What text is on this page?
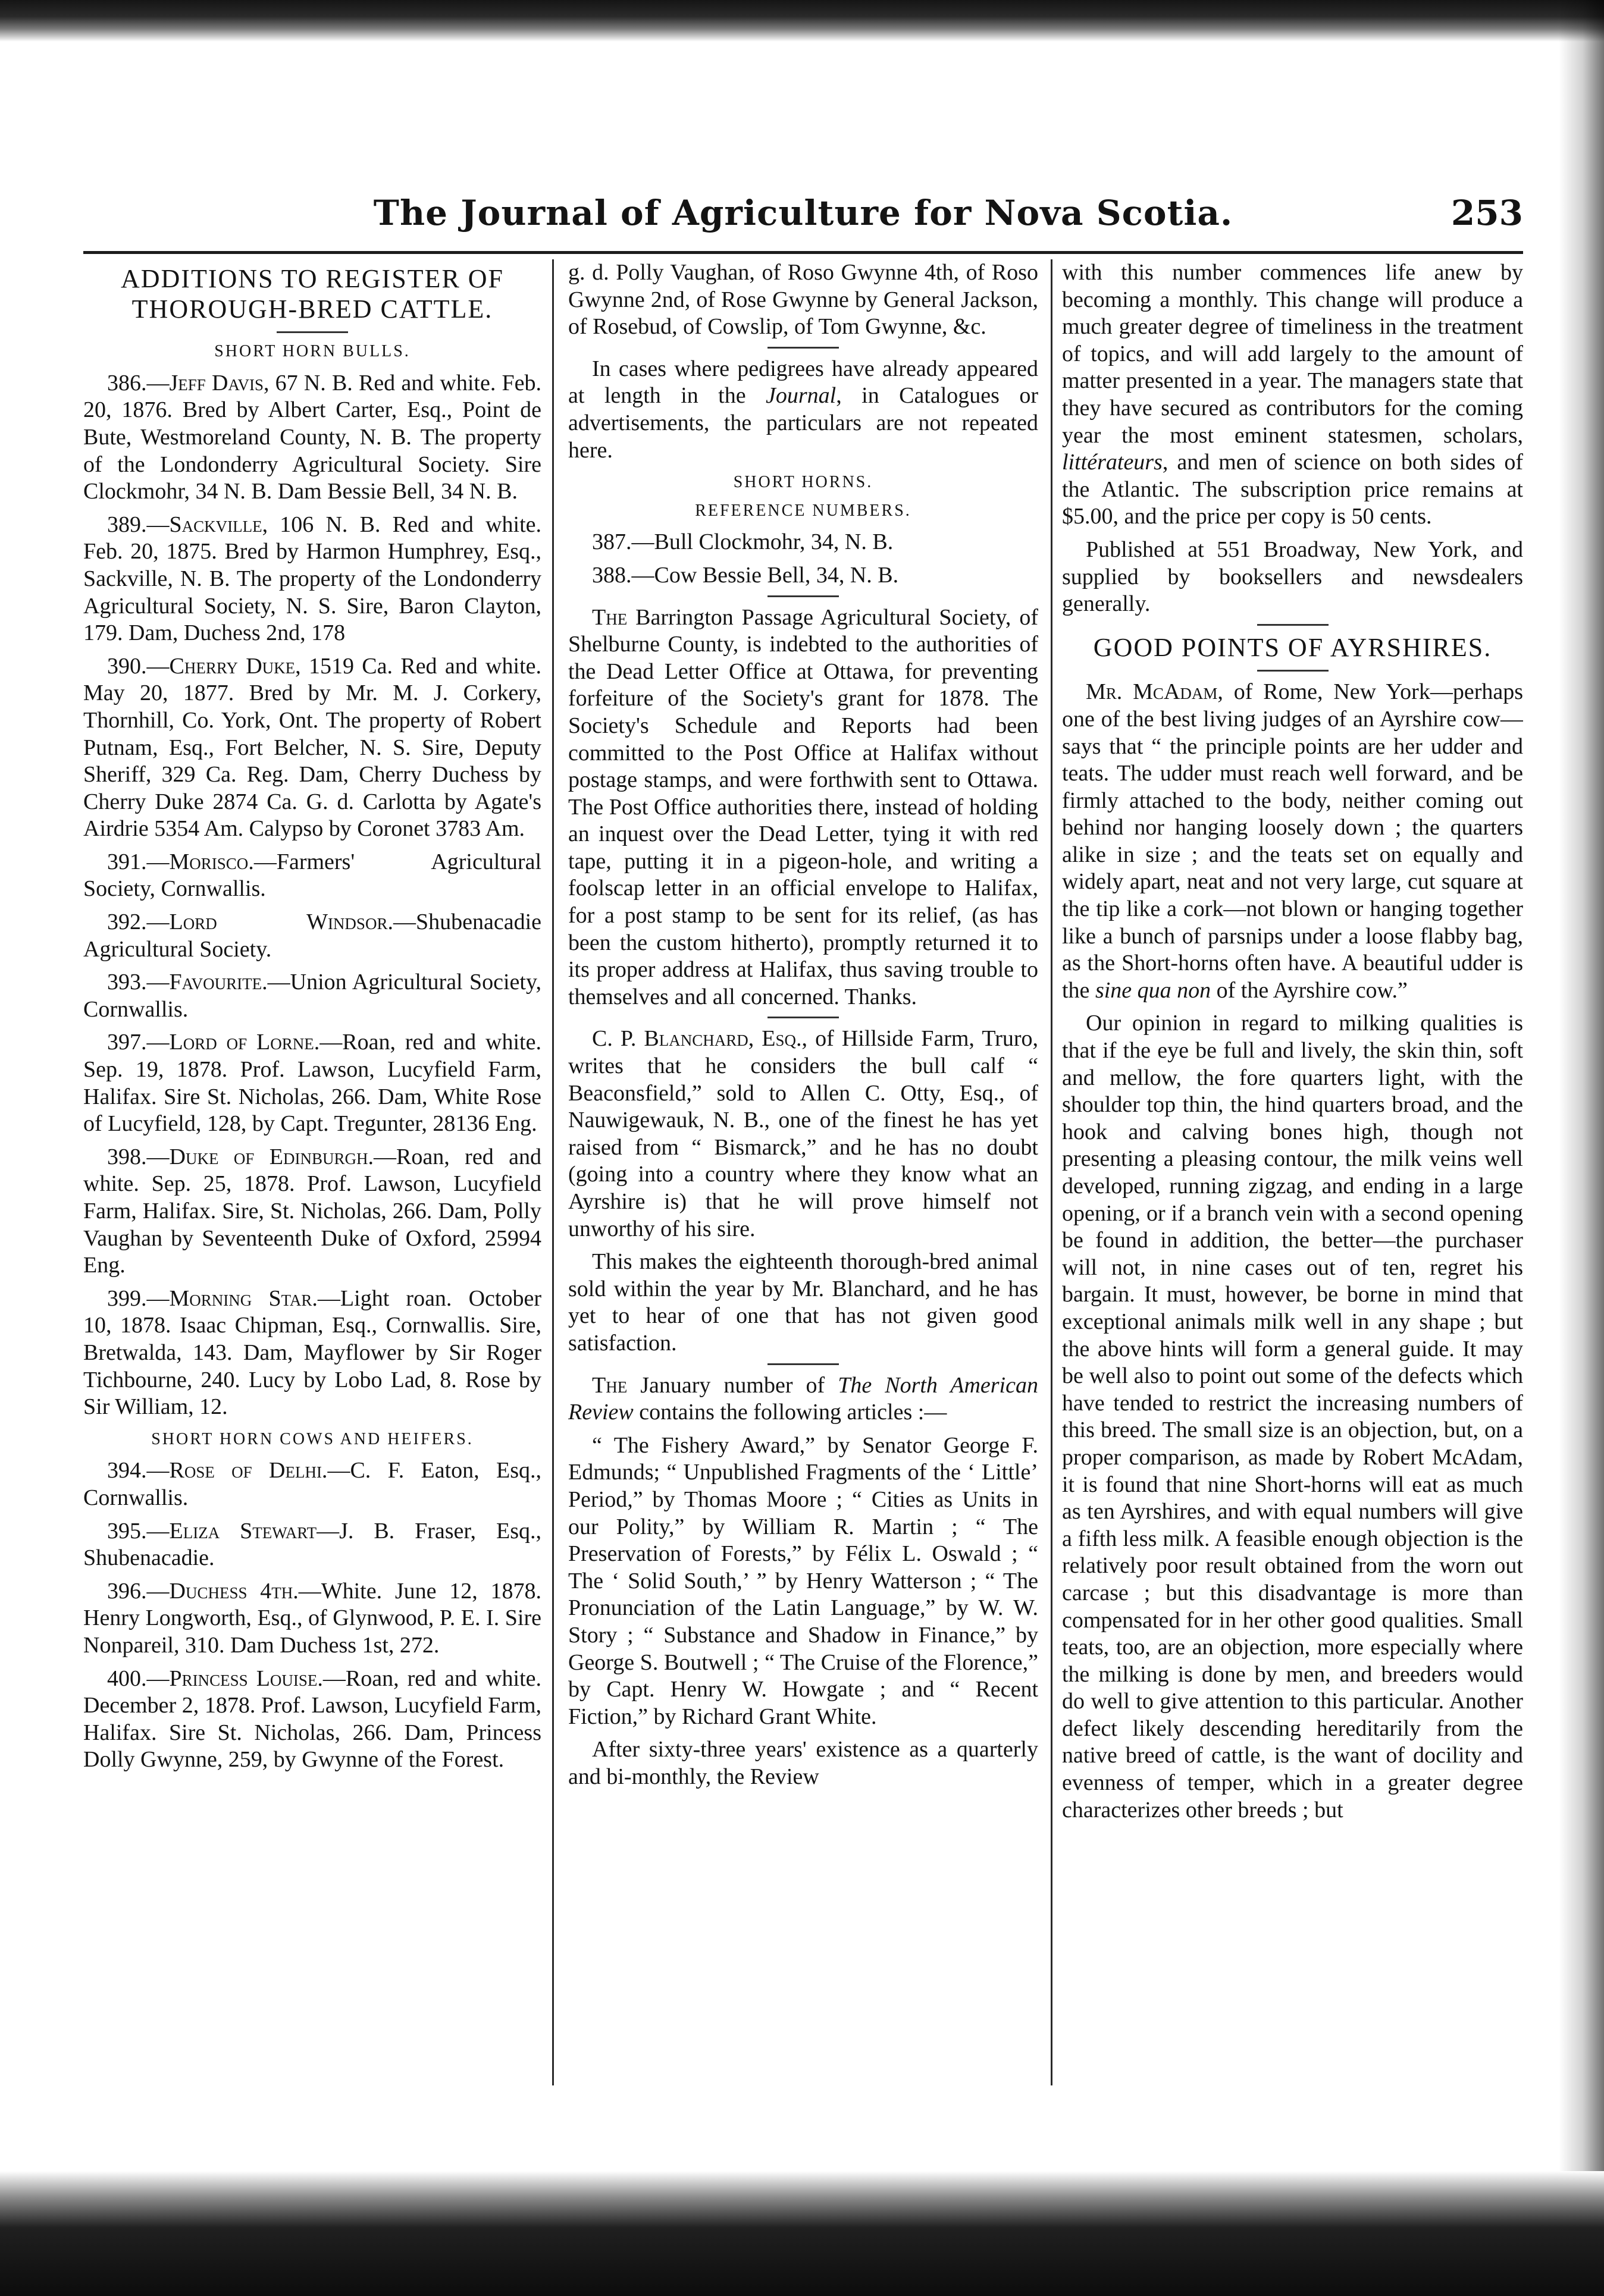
The Journal of Agriculture for Nova Scotia.	253
ADDITIONS TO REGISTER OF THOROUGH-BRED CATTLE.
SHORT HORN BULLS.

386.—Jeff Davis, 67 N. B. Red and white. Feb. 20, 1876. Bred by Albert Carter, Esq., Point de Bute, Westmoreland County, N. B. The property of the Londonderry Agricultural Society. Sire Clockmohr, 34 N. B. Dam Bessie Bell, 34 N. B.

389.—Sackville, 106 N. B. Red and white. Feb. 20, 1875. Bred by Harmon Humphrey, Esq., Sackville, N. B. The property of the Londonderry Agricultural Society, N. S. Sire, Baron Clayton, 179. Dam, Duchess 2nd, 178

390.—Cherry Duke, 1519 Ca. Red and white. May 20, 1877. Bred by Mr. M. J. Corkery, Thornhill, Co. York, Ont. The property of Robert Putnam, Esq., Fort Belcher, N. S. Sire, Deputy Sheriff, 329 Ca. Reg. Dam, Cherry Duchess by Cherry Duke 2874 Ca. G. d. Carlotta by Agate's Airdrie 5354 Am. Calypso by Coronet 3783 Am.

391.—Morisco.—Farmers' Agricultural Society, Cornwallis.

392.—Lord Windsor.—Shubenacadie Agricultural Society.

393.—Favourite.—Union Agricultural Society, Cornwallis.

397.—Lord of Lorne.—Roan, red and white. Sep. 19, 1878. Prof. Lawson, Lucyfield Farm, Halifax. Sire St. Nicholas, 266. Dam, White Rose of Lucyfield, 128, by Capt. Tregunter, 28136 Eng.

398.—Duke of Edinburgh.—Roan, red and white. Sep. 25, 1878. Prof. Lawson, Lucyfield Farm, Halifax. Sire, St. Nicholas, 266. Dam, Polly Vaughan by Seventeenth Duke of Oxford, 25994 Eng.

399.—Morning Star.—Light roan. October 10, 1878. Isaac Chipman, Esq., Cornwallis. Sire, Bretwalda, 143. Dam, Mayflower by Sir Roger Tichbourne, 240. Lucy by Lobo Lad, 8. Rose by Sir William, 12.

SHORT HORN COWS AND HEIFERS.

394.—Rose of Delhi.—C. F. Eaton, Esq., Cornwallis.

395.—Eliza Stewart—J. B. Fraser, Esq., Shubenacadie.

396.—Duchess 4th.—White. June 12, 1878. Henry Longworth, Esq., of Glynwood, P. E. I. Sire Nonpareil, 310. Dam Duchess 1st, 272.

400.—Princess Louise.—Roan, red and white. December 2, 1878. Prof. Lawson, Lucyfield Farm, Halifax. Sire St. Nicholas, 266. Dam, Princess Dolly Gwynne, 259, by Gwynne of the Forest.

g. d. Polly Vaughan, of Roso Gwynne 4th, of Roso Gwynne 2nd, of Rose Gwynne by General Jackson, of Rosebud, of Cowslip, of Tom Gwynne, &c.

In cases where pedigrees have already appeared at length in the Journal, in Catalogues or advertisements, the particulars are not repeated here.

SHORT HORNS.
REFERENCE NUMBERS.

387.—Bull Clockmohr, 34, N. B.

388.—Cow Bessie Bell, 34, N. B.

The Barrington Passage Agricultural Society, of Shelburne County, is indebted to the authorities of the Dead Letter Office at Ottawa, for preventing forfeiture of the Society's grant for 1878. The Society's Schedule and Reports had been committed to the Post Office at Halifax without postage stamps, and were forthwith sent to Ottawa. The Post Office authorities there, instead of holding an inquest over the Dead Letter, tying it with red tape, putting it in a pigeon-hole, and writing a foolscap letter in an official envelope to Halifax, for a post stamp to be sent for its relief, (as has been the custom hitherto), promptly returned it to its proper address at Halifax, thus saving trouble to themselves and all concerned. Thanks.

C. P. Blanchard, Esq., of Hillside Farm, Truro, writes that he considers the bull calf “ Beaconsfield,” sold to Allen C. Otty, Esq., of Nauwigewauk, N. B., one of the finest he has yet raised from “ Bismarck,” and he has no doubt (going into a country where they know what an Ayrshire is) that he will prove himself not unworthy of his sire.

This makes the eighteenth thorough-bred animal sold within the year by Mr. Blanchard, and he has yet to hear of one that has not given good satisfaction.

The January number of The North American Review contains the following articles :—

“ The Fishery Award,” by Senator George F. Edmunds; “ Unpublished Fragments of the ‘ Little’ Period,” by Thomas Moore ; “ Cities as Units in our Polity,” by William R. Martin ; “ The Preservation of Forests,” by Félix L. Oswald ; “ The ‘ Solid South,’ ” by Henry Watterson ; “ The Pronunciation of the Latin Language,” by W. W. Story ; “ Substance and Shadow in Finance,” by George S. Boutwell ; “ The Cruise of the Florence,” by Capt. Henry W. Howgate ; and “ Recent Fiction,” by Richard Grant White.

After sixty-three years' existence as a quarterly and bi-monthly, the Review

with this number commences life anew by becoming a monthly. This change will produce a much greater degree of timeliness in the treatment of topics, and will add largely to the amount of matter presented in a year. The managers state that they have secured as contributors for the coming year the most eminent statesmen, scholars, littérateurs, and men of science on both sides of the Atlantic. The subscription price remains at $5.00, and the price per copy is 50 cents.

Published at 551 Broadway, New York, and supplied by booksellers and newsdealers generally.

GOOD POINTS OF AYRSHIRES.

Mr. McAdam, of Rome, New York—perhaps one of the best living judges of an Ayrshire cow—says that “ the principle points are her udder and teats. The udder must reach well forward, and be firmly attached to the body, neither coming out behind nor hanging loosely down ; the quarters alike in size ; and the teats set on equally and widely apart, neat and not very large, cut square at the tip like a cork—not blown or hanging together like a bunch of parsnips under a loose flabby bag, as the Short-horns often have. A beautiful udder is the sine qua non of the Ayrshire cow.”

Our opinion in regard to milking qualities is that if the eye be full and lively, the skin thin, soft and mellow, the fore quarters light, with the shoulder top thin, the hind quarters broad, and the hook and calving bones high, though not presenting a pleasing contour, the milk veins well developed, running zigzag, and ending in a large opening, or if a branch vein with a second opening be found in addition, the better—the purchaser will not, in nine cases out of ten, regret his bargain. It must, however, be borne in mind that exceptional animals milk well in any shape ; but the above hints will form a general guide. It may be well also to point out some of the defects which have tended to restrict the increasing numbers of this breed. The small size is an objection, but, on a proper comparison, as made by Robert McAdam, it is found that nine Short-horns will eat as much as ten Ayrshires, and with equal numbers will give a fifth less milk. A feasible enough objection is the relatively poor result obtained from the worn out carcase ; but this disadvantage is more than compensated for in her other good qualities. Small teats, too, are an objection, more especially where the milking is done by men, and breeders would do well to give attention to this particular. Another defect likely descending hereditarily from the native breed of cattle, is the want of docility and evenness of temper, which in a greater degree characterizes other breeds ; but
